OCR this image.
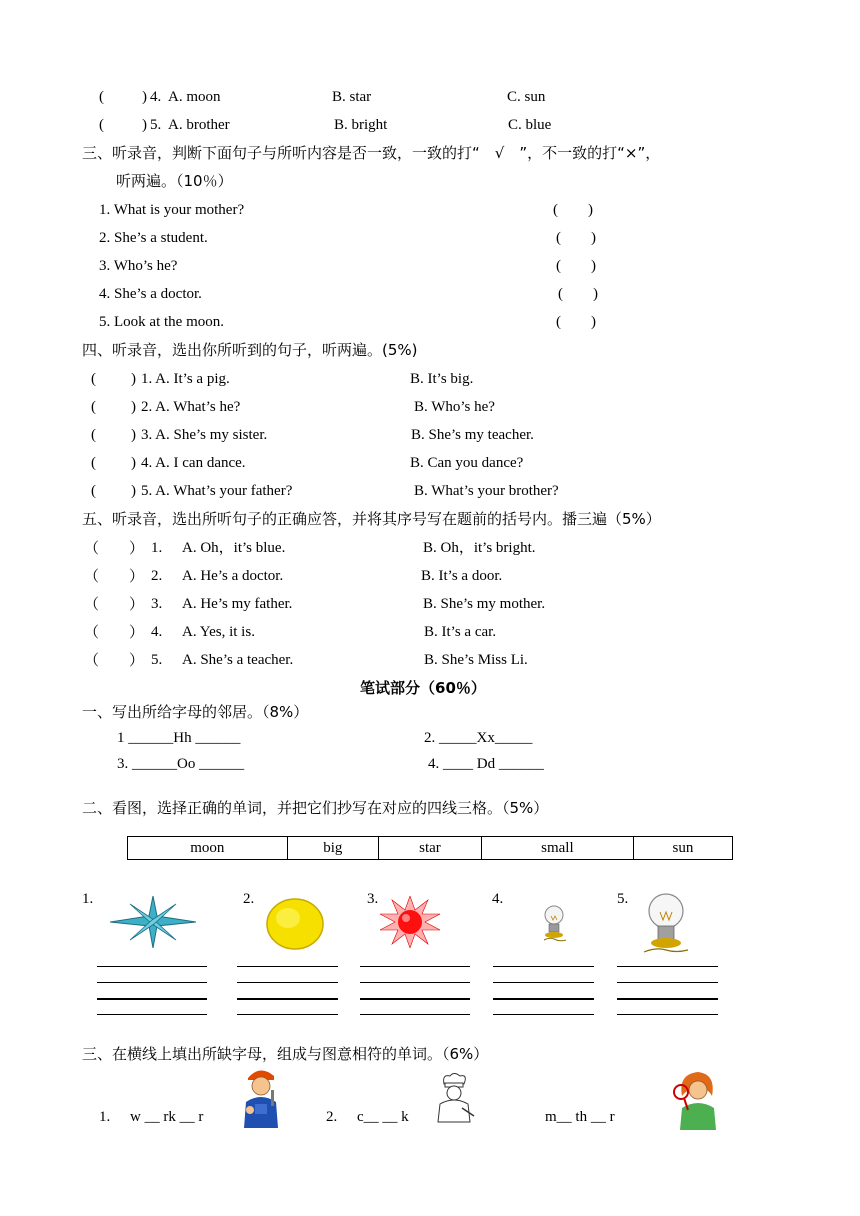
(	) 4. A. moon	B. star	C. sun
(	) 5. A. brother	B. bright	C. blue
三、听录音，判断下面句子与所听内容是否一致，一致的打“　√　”，不一致的打“×”，
听两遍。（10％）
1. What is your mother?	(　　)
2. She’s a student.	(　　)
3. Who’s he?	(　　)
4. She’s a doctor.	(　　)
5. Look at the moon.	(　　)
四、听录音，选出你所听到的句子，听两遍。(5%)
( ) 1. A. It’s a pig.	B. It’s big.
( ) 2. A. What’s he?	B. Who’s he?
( ) 3. A. She’s my sister.	B. She’s my teacher.
( ) 4. A. I can dance.	B. Can you dance?
( ) 5. A. What’s your father?	B. What’s your brother?
五、听录音，选出所听句子的正确应答，并将其序号写在题前的括号内。播三遍（5%）
（　　） 1. A. Oh，it’s blue.	B. Oh，it’s bright.
（　　） 2. A. He’s a doctor.	B. It’s a door.
（　　） 3. A. He’s my father.	B. She’s my mother.
（　　） 4. A. Yes, it is.	B. It’s a car.
（　　） 5. A. She’s a teacher.	B. She’s Miss Li.
笔试部分（60％）
一、写出所给字母的邻居。（8%）
1 ______Hh ______	2. _____Xx_____
3. ______Oo ______	4. ____ Dd ______
二、看图，选择正确的单词，并把它们抄写在对应的四线三格。（5%）
moon	big	star	small	sun
1.	2.	3.	4.	5.
三、在横线上填出所缺字母，组成与图意相符的单词。（6%）
1. w __ rk __ r	2. c__ __ k	m__ th __ r
